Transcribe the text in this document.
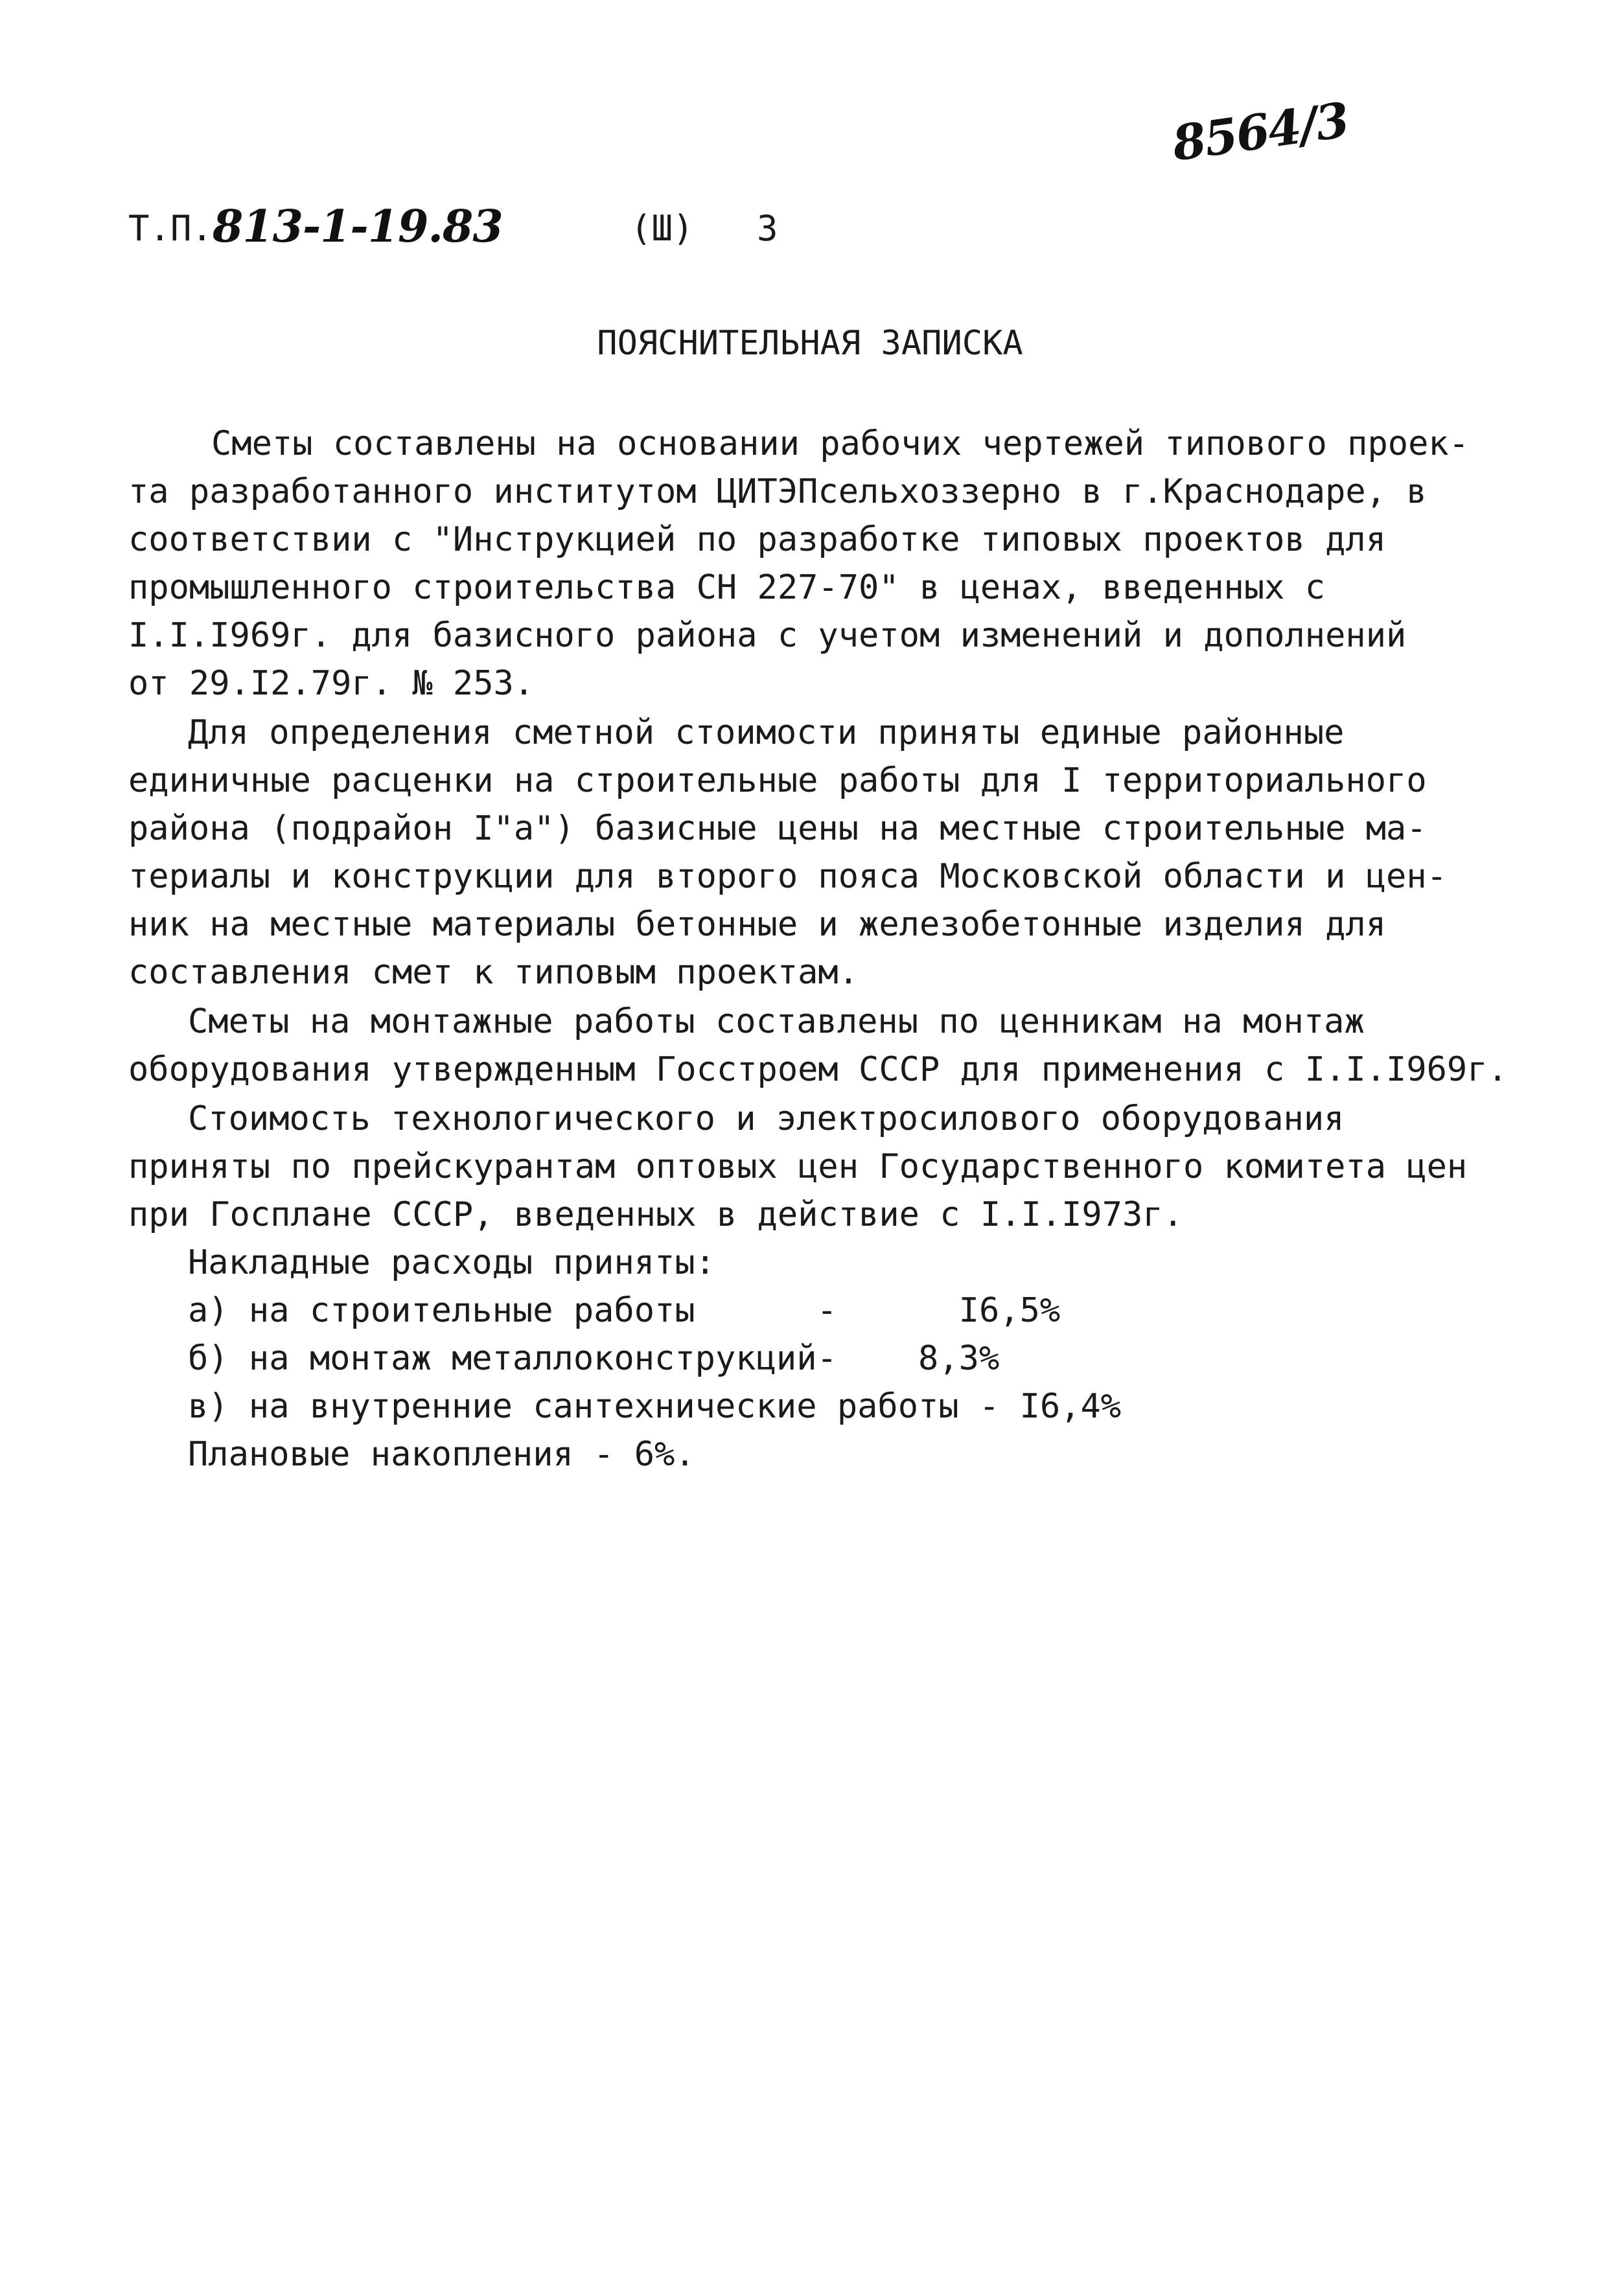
8564/3
Т.П. 813-1-19.83	(Ш) 3
ПОЯСНИТЕЛЬНАЯ ЗАПИСКА
Сметы составлены на основании рабочих чертежей типового проек-
та разработанного институтом ЦИТЭПсельхоззерно в г.Краснодаре, в
соответствии с "Инструкцией по разработке типовых проектов для
промышленного строительства СН 227-70" в ценах, введенных с
I.I.I969г. для базисного района с учетом изменений и дополнений
от 29.I2.79г. № 253.
Для определения сметной стоимости приняты единые районные
единичные расценки на строительные работы для I территориального
района (подрайон I"а") базисные цены на местные строительные ма-
териалы и конструкции для второго пояса Московской области и цен-
ник на местные материалы бетонные и железобетонные изделия для
составления смет к типовым проектам.
Сметы на монтажные работы составлены по ценникам на монтаж
оборудования утвержденным Госстроем СССР для применения с I.I.I969г.
Стоимость технологического и электросилового оборудования
приняты по прейскурантам оптовых цен Государственного комитета цен
при Госплане СССР, введенных в действие с I.I.I973г.
Накладные расходы приняты:
а) на строительные работы      -      I6,5%
б) на монтаж металлоконструкций-    8,3%
в) на внутренние сантехнические работы - I6,4%
Плановые накопления - 6%.
